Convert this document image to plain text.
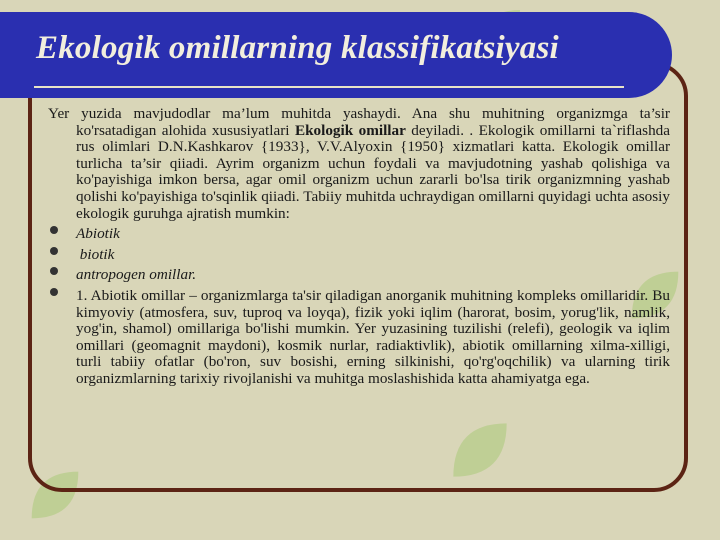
Ekologik omillarning klassifikatsiyasi

Yer yuzida mavjudodlar ma’lum muhitda yashaydi. Ana shu muhitning organizmga ta’sir ko'rsatadigan alohida xususiyatlari Ekologik omillar deyiladi. . Ekologik omillarni ta`riflashda rus olimlari D.N.Kashkarov {1933}, V.V.Alyoxin {1950} xizmatlari katta. Ekologik omillar turlicha ta’sir qiiadi. Ayrim organizm uchun foydali va mavjudotning yashab qolishiga va ko'payishiga imkon bersa, agar omil organizm uchun zararli bo'lsa tirik organizmning yashab qolishi ko'payishiga to'sqinlik qiiadi. Tabiiy muhitda uchraydigan omillarni quyidagi uchta asosiy ekologik guruhga ajratish mumkin:

Abiotik
biotik
antropogen omillar.
1. Abiotik omillar – organizmlarga ta'sir qiladigan anorganik muhitning kompleks omillaridir. Bu kimyoviy (atmosfera, suv, tuproq va loyqa), fizik yoki iqlim (harorat, bosim, yorug'lik, namlik, yog'in, shamol) omillariga bo'lishi mumkin. Yer yuzasining tuzilishi (relefi), geologik va iqlim omillari (geomagnit maydoni), kosmik nurlar, radiaktivlik), abiotik omillarning xilma-xilligi, turli tabiiy ofatlar (bo'ron, suv bosishi, erning silkinishi, qo'rg'oqchilik) va ularning tirik organizmlarning tarixiy rivojlanishi va muhitga moslashishida katta ahamiyatga ega.
